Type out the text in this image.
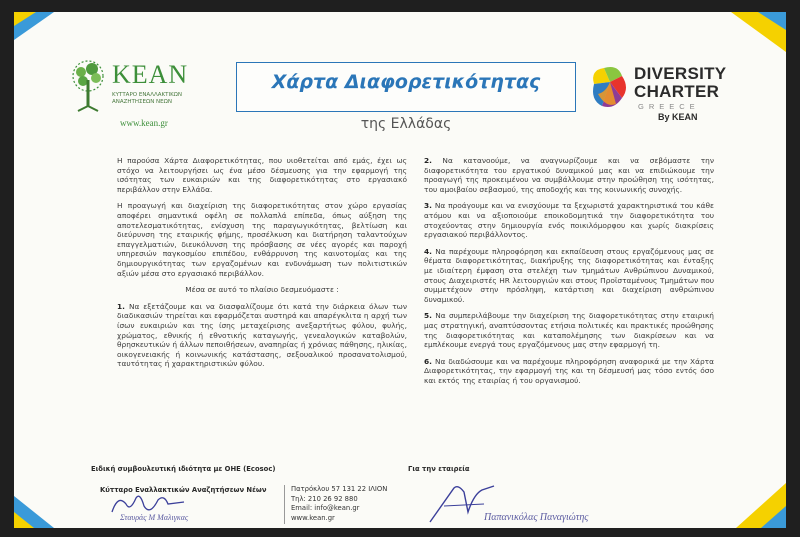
ΚΕΑΝ
ΚΥΤΤΑΡΟ ΕΝΑΛΛΑΚΤΙΚΩΝ ΑΝΑΖΗΤΗΣΕΩΝ ΝΕΩΝ
www.kean.gr
Χάρτα Διαφορετικότητας
της Ελλάδας
DIVERSITY
CHARTER
GREECE
By KEAN

Η παρούσα Χάρτα Διαφορετικότητας, που υιοθετείται από εμάς, έχει ως στόχο να λειτουργήσει ως ένα μέσο δέσμευσης για την εφαρμογή της ισότητας των ευκαιριών και της διαφορετικότητας στο εργασιακό περιβάλλον στην Ελλάδα.

Η προαγωγή και διαχείριση της διαφορετικότητας στον χώρο εργασίας αποφέρει σημαντικά οφέλη σε πολλαπλά επίπεδα, όπως αύξηση της αποτελεσματικότητας, ενίσχυση της παραγωγικότητας, βελτίωση και διεύρυνση της εταιρικής φήμης, προσέλκυση και διατήρηση ταλαντούχων επαγγελματιών, διευκόλυνση της πρόσβασης σε νέες αγορές και παροχή υπηρεσιών παγκοσμίου επιπέδου, ενθάρρυνση της καινοτομίας και της δημιουργικότητας των εργαζομένων και ενδυνάμωση των πολιτιστικών αξιών μέσα στο εργασιακό περιβάλλον.

Μέσα σε αυτό το πλαίσιο δεσμευόμαστε :

1. Να εξετάζουμε και να διασφαλίζουμε ότι κατά την διάρκεια όλων των διαδικασιών τηρείται και εφαρμόζεται αυστηρά και απαρέγκλιτα η αρχή των ίσων ευκαιριών και της ίσης μεταχείρισης ανεξαρτήτως φύλου, φυλής, χρώματος, εθνικής ή εθνοτικής καταγωγής, γενεαλογικών καταβολών, θρησκευτικών ή άλλων πεποιθήσεων, αναπηρίας ή χρόνιας πάθησης, ηλικίας, οικογενειακής ή κοινωνικής κατάστασης, σεξουαλικού προσανατολισμού, ταυτότητας ή χαρακτηριστικών φύλου.

2. Να κατανοούμε, να αναγνωρίζουμε και να σεβόμαστε την διαφορετικότητα του εργατικού δυναμικού μας και να επιδιώκουμε την προαγωγή της προκειμένου να συμβάλλουμε στην προώθηση της ισότητας, του αμοιβαίου σεβασμού, της αποδοχής και της κοινωνικής συνοχής.

3. Να προάγουμε και να ενισχύουμε τα ξεχωριστά χαρακτηριστικά του κάθε ατόμου και να αξιοποιούμε εποικοδομητικά την διαφορετικότητα του στοχεύοντας στην δημιουργία ενός ποικιλόμορφου και χωρίς διακρίσεις εργασιακού περιβάλλοντος.

4. Να παρέχουμε πληροφόρηση και εκπαίδευση στους εργαζόμενους μας σε θέματα διαφορετικότητας, διακήρυξης της διαφορετικότητας και ένταξης με ιδιαίτερη έμφαση στα στελέχη των τμημάτων Ανθρώπινου Δυναμικού, στους Διαχειριστές HR λειτουργιών και στους Προϊσταμένους Τμημάτων που συμμετέχουν στην πρόσληψη, κατάρτιση και διαχείριση ανθρώπινου δυναμικού.

5. Να συμπεριλάβουμε την διαχείριση της διαφορετικότητας στην εταιρική μας στρατηγική, αναπτύσσοντας ετήσια πολιτικές και πρακτικές προώθησης της διαφορετικότητας και καταπολέμησης των διακρίσεων και να εμπλέκουμε ενεργά τους εργαζόμενους μας στην εφαρμογή τη.

6. Να διαδώσουμε και να παρέχουμε πληροφόρηση αναφορικά με την Χάρτα Διαφορετικότητας, την εφαρμογή της και τη δέσμευσή μας τόσο εντός όσο και εκτός της εταιρίας ή του οργανισμού.

Ειδική συμβουλευτική ιδιότητα με ΟΗΕ (Ecosoc)
Κύτταρο Εναλλακτικών Αναζητήσεων Νέων
Σταυράς Μ Μαλιγκας
Πατρόκλου 57 131 22 ΙΛΙΟΝ
Τηλ: 210 26 92 880
Email: info@kean.gr
www.kean.gr
Για την εταιρεία
Παπανικόλας Παναγιώτης
